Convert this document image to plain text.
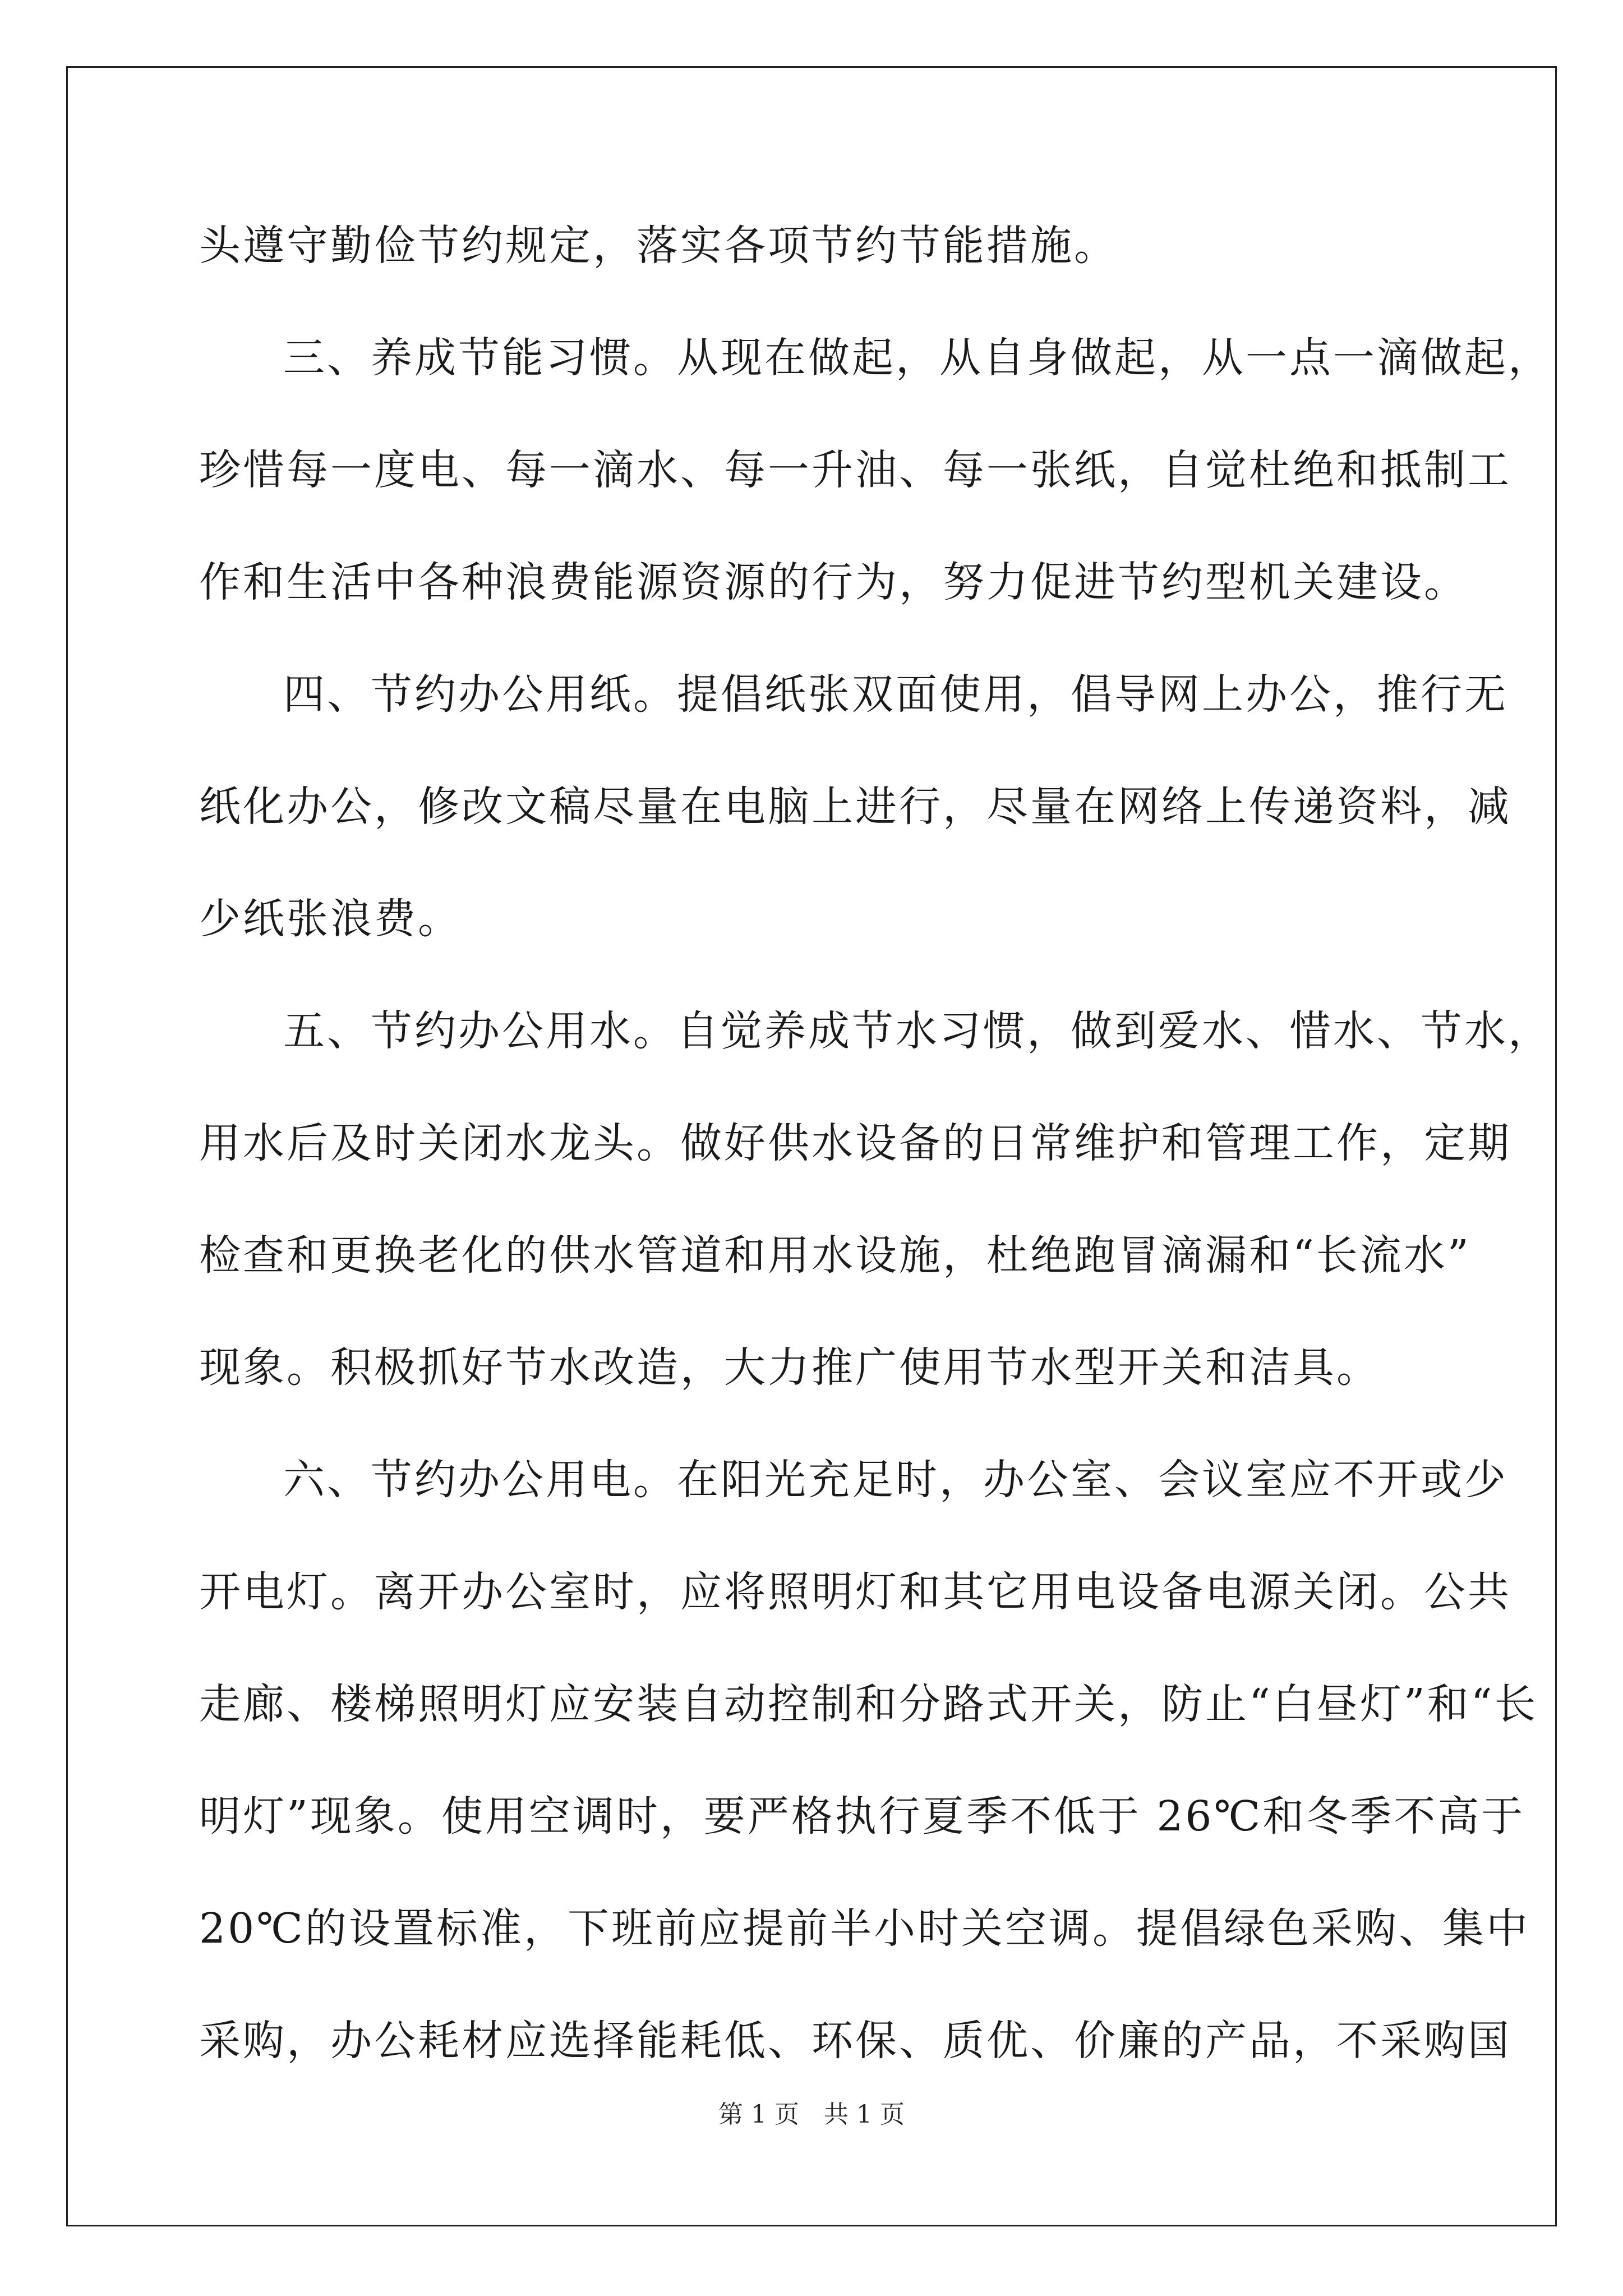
头遵守勤俭节约规定，落实各项节约节能措施。
三、养成节能习惯。从现在做起，从自身做起，从一点一滴做起，
珍惜每一度电、每一滴水、每一升油、每一张纸，自觉杜绝和抵制工
作和生活中各种浪费能源资源的行为，努力促进节约型机关建设。
四、节约办公用纸。提倡纸张双面使用，倡导网上办公，推行无
纸化办公，修改文稿尽量在电脑上进行，尽量在网络上传递资料，减
少纸张浪费。
五、节约办公用水。自觉养成节水习惯，做到爱水、惜水、节水，
用水后及时关闭水龙头。做好供水设备的日常维护和管理工作，定期
检查和更换老化的供水管道和用水设施，杜绝跑冒滴漏和“长流水”
现象。积极抓好节水改造，大力推广使用节水型开关和洁具。
六、节约办公用电。在阳光充足时，办公室、会议室应不开或少
开电灯。离开办公室时，应将照明灯和其它用电设备电源关闭。公共
走廊、楼梯照明灯应安装自动控制和分路式开关，防止“白昼灯”和“长
明灯”现象。使用空调时，要严格执行夏季不低于 26℃和冬季不高于
20℃的设置标准，下班前应提前半小时关空调。提倡绿色采购、集中
采购，办公耗材应选择能耗低、环保、质优、价廉的产品，不采购国
第 1 页　共 1 页
